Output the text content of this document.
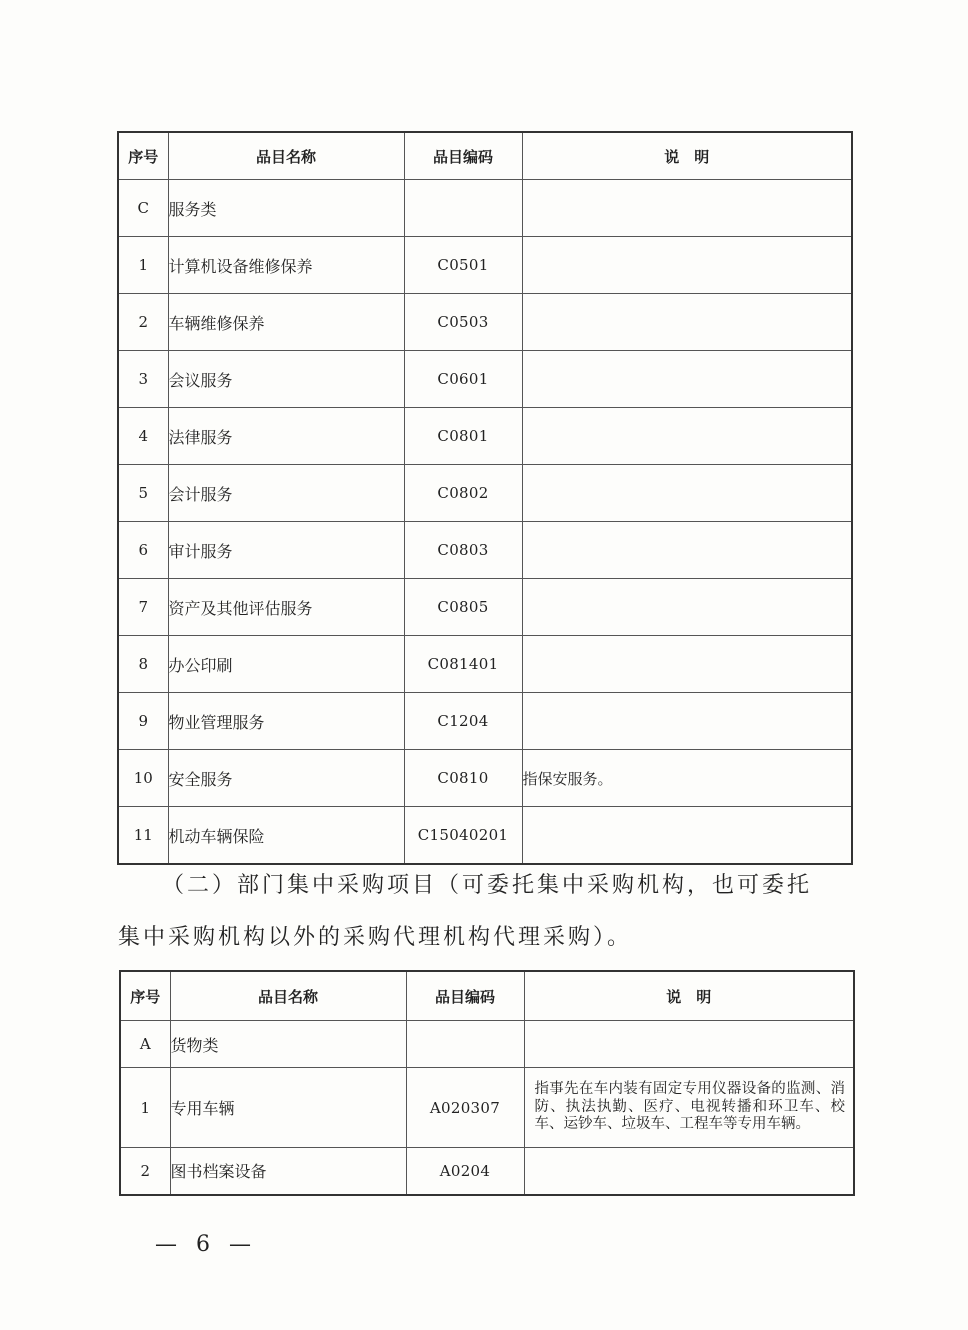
序号	品目名称	品目编码	说　明
C	服务类		
1	计算机设备维修保养	C0501	
2	车辆维修保养	C0503	
3	会议服务	C0601	
4	法律服务	C0801	
5	会计服务	C0802	
6	审计服务	C0803	
7	资产及其他评估服务	C0805	
8	办公印刷	C081401	
9	物业管理服务	C1204	
10	安全服务	C0810	指保安服务。
11	机动车辆保险	C15040201	
（二）部门集中采购项目（可委托集中采购机构，也可委托
集中采购机构以外的采购代理机构代理采购）。
序号	品目名称	品目编码	说　明
A	货物类		
1	专用车辆	A020307	指事先在车内装有固定专用仪器设备的监测、消防、执法执勤、医疗、电视转播和环卫车、校车、运钞车、垃圾车、工程车等专用车辆。
2	图书档案设备	A0204	
— 6 —
